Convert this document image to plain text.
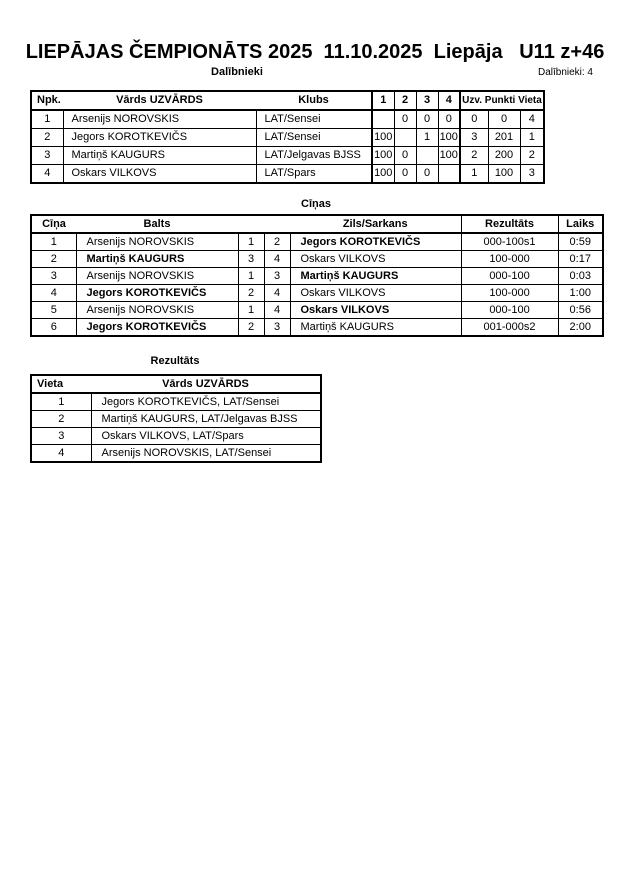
LIEPĀJAS ČEMPIONĀTS 2025  11.10.2025  Liepāja   U11 z+46
Dalībnieki	Dalībnieki: 4
Npk.	Vārds UZVĀRDS	Klubs	1	2	3	4	Uzv. Punkti Vieta		
1	Arsenijs NOROVSKIS	LAT/Sensei		0	0	0	0	0	4
2	Jegors KOROTKEVIČS	LAT/Sensei	100		1	100	3	201	1
3	Martiņš KAUGURS	LAT/Jelgavas BJSS	100	0		100	2	200	2
4	Oskars VILKOVS	LAT/Spars	100	0	0		1	100	3
Cīņas
Cīņa	Balts			Zils/Sarkans	Rezultāts	Laiks
1	Arsenijs NOROVSKIS	1	2	Jegors KOROTKEVIČS	000-100s1	0:59
2	Martiņš KAUGURS	3	4	Oskars VILKOVS	100-000	0:17
3	Arsenijs NOROVSKIS	1	3	Martiņš KAUGURS	000-100	0:03
4	Jegors KOROTKEVIČS	2	4	Oskars VILKOVS	100-000	1:00
5	Arsenijs NOROVSKIS	1	4	Oskars VILKOVS	000-100	0:56
6	Jegors KOROTKEVIČS	2	3	Martiņš KAUGURS	001-000s2	2:00
Rezultāts
Vieta	Vārds UZVĀRDS
1	Jegors KOROTKEVIČS, LAT/Sensei
2	Martiņš KAUGURS, LAT/Jelgavas BJSS
3	Oskars VILKOVS, LAT/Spars
4	Arsenijs NOROVSKIS, LAT/Sensei
